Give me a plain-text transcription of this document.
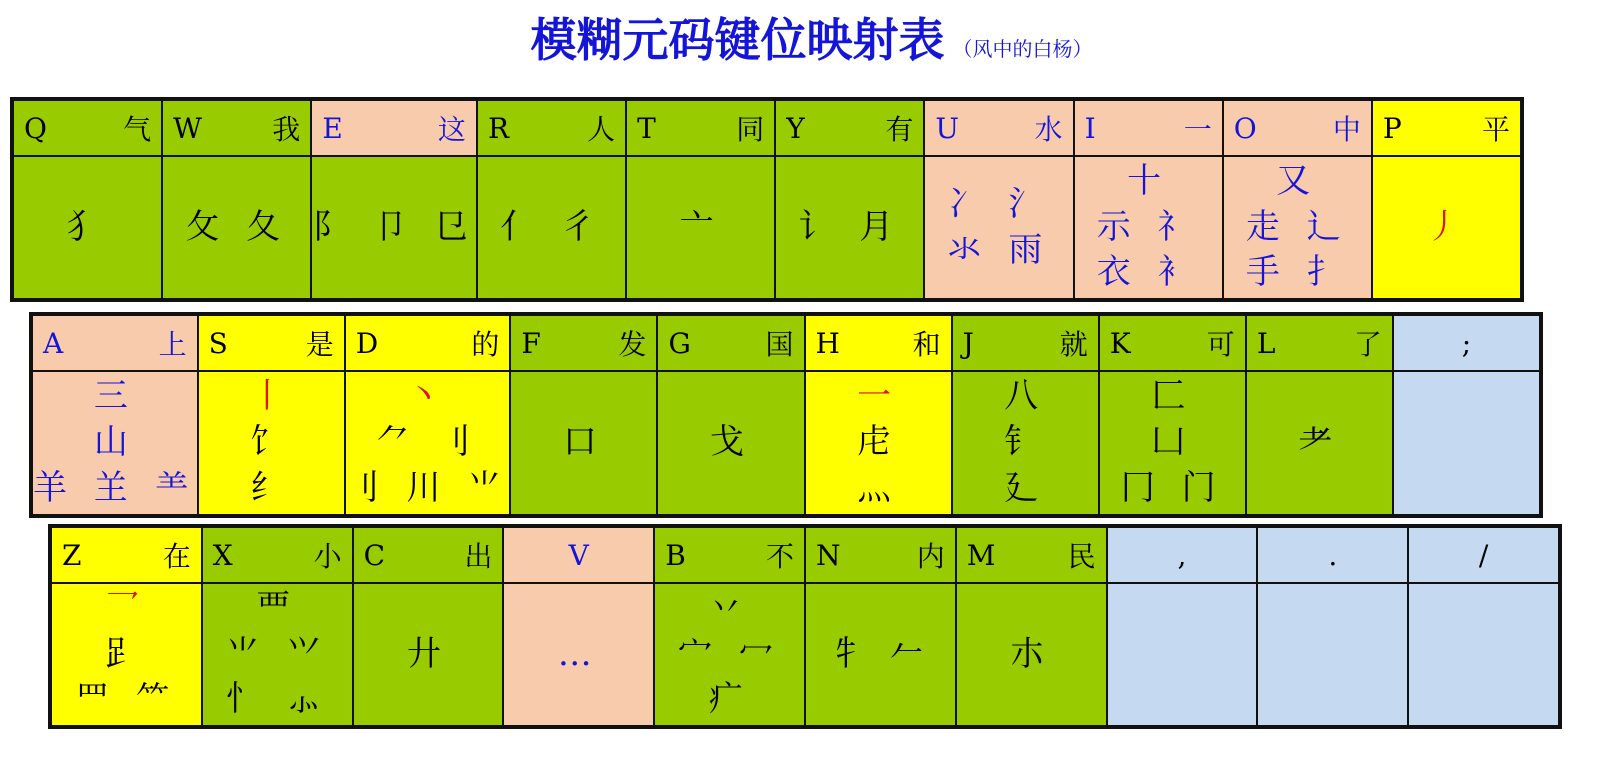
模糊元码键位映射表 （风中的白杨）
Q	气
犭
W	我
攵 夂
E	这
阝 卩 㔾
R	人
亻 彳
T	同
亠
Y	有
讠 月
U	水
冫 氵
氺 雨
I	一
十
示 礻
衣 衤
O	中
又
走 辶
手 扌
P	平
丿
A	上
三
山
羊 𦍌 ⺷
S	是
丨
饣
纟
D	的
丶
⺈ 刂
刂 川 ⺌
F	发
口
G	国
戈
H	和
一
虍
灬
J	就
八
钅
廴
K	可
匚
凵
冂 门
L	了
耂
;
Z	在
乛
𧾷
罒 ⺮
X	小
覀
⺌ ⺍
忄 ⺗
C	出
廾
V
…
B	不
丷
宀 冖
疒
N	内
牜 𠂉
M	民
朩
,	.	/
